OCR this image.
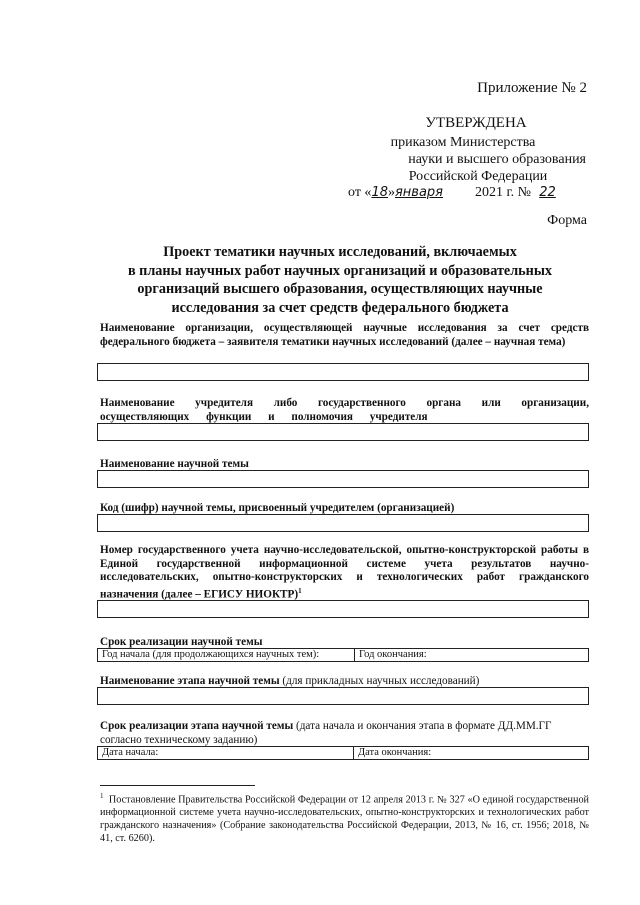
Приложение № 2
УТВЕРЖДЕНА
приказом Министерства
науки и высшего образования
Российской Федерации
от «18»января 2021 г. № 22
Форма
Проект тематики научных исследований, включаемых
в планы научных работ научных организаций и образовательных
организаций высшего образования, осуществляющих научные
исследования за счет средств федерального бюджета
Наименование организации, осуществляющей научные исследования за счет средств федерального бюджета – заявителя тематики научных исследований (далее – научная тема)
Наименование учредителя либо государственного органа или организации, осуществляющих функции и полномочия учредителя
Наименование научной темы
Код (шифр) научной темы, присвоенный учредителем (организацией)
Номер государственного учета научно-исследовательской, опытно-конструкторской работы в Единой государственной информационной системе учета результатов научно-исследовательских, опытно-конструкторских и технологических работ гражданского назначения (далее – ЕГИСУ НИОКТР)$^1$
Срок реализации научной темы
Год начала (для продолжающихся научных тем):	Год окончания:
Наименование этапа научной темы (для прикладных научных исследований)
Срок реализации этапа научной темы (дата начала и окончания этапа в формате ДД.ММ.ГГ согласно техническому заданию)
Дата начала:	Дата окончания:
$^1$ Постановление Правительства Российской Федерации от 12 апреля 2013 г. № 327 «О единой государственной информационной системе учета научно-исследовательских, опытно-конструкторских и технологических работ гражданского назначения» (Собрание законодательства Российской Федерации, 2013, № 16, ст. 1956; 2018, № 41, ст. 6260).
